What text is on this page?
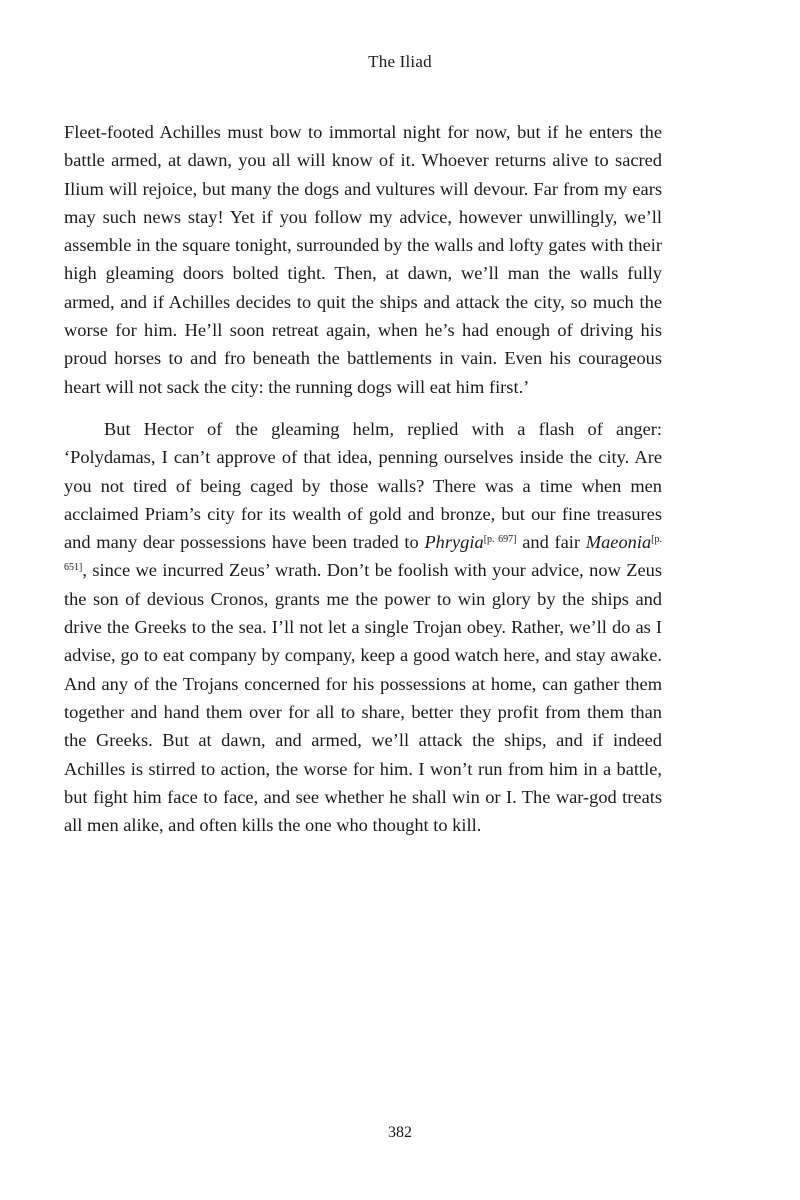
The Iliad

Fleet-footed Achilles must bow to immortal night for now, but if he enters the battle armed, at dawn, you all will know of it. Whoever returns alive to sacred Ilium will rejoice, but many the dogs and vultures will devour. Far from my ears may such news stay! Yet if you follow my advice, however unwillingly, we’ll assemble in the square tonight, surrounded by the walls and lofty gates with their high gleaming doors bolted tight. Then, at dawn, we’ll man the walls fully armed, and if Achilles decides to quit the ships and attack the city, so much the worse for him. He’ll soon retreat again, when he’s had enough of driving his proud horses to and fro beneath the battlements in vain. Even his courageous heart will not sack the city: the running dogs will eat him first.’

But Hector of the gleaming helm, replied with a flash of anger: ‘Polydamas, I can’t approve of that idea, penning ourselves inside the city. Are you not tired of being caged by those walls? There was a time when men acclaimed Priam’s city for its wealth of gold and bronze, but our fine treasures and many dear possessions have been traded to Phrygia[p. 697] and fair Maeonia[p. 651], since we incurred Zeus’ wrath. Don’t be foolish with your advice, now Zeus the son of devious Cronos, grants me the power to win glory by the ships and drive the Greeks to the sea. I’ll not let a single Trojan obey. Rather, we’ll do as I advise, go to eat company by company, keep a good watch here, and stay awake. And any of the Trojans concerned for his possessions at home, can gather them together and hand them over for all to share, better they profit from them than the Greeks. But at dawn, and armed, we’ll attack the ships, and if indeed Achilles is stirred to action, the worse for him. I won’t run from him in a battle, but fight him face to face, and see whether he shall win or I. The war-god treats all men alike, and often kills the one who thought to kill.

382
